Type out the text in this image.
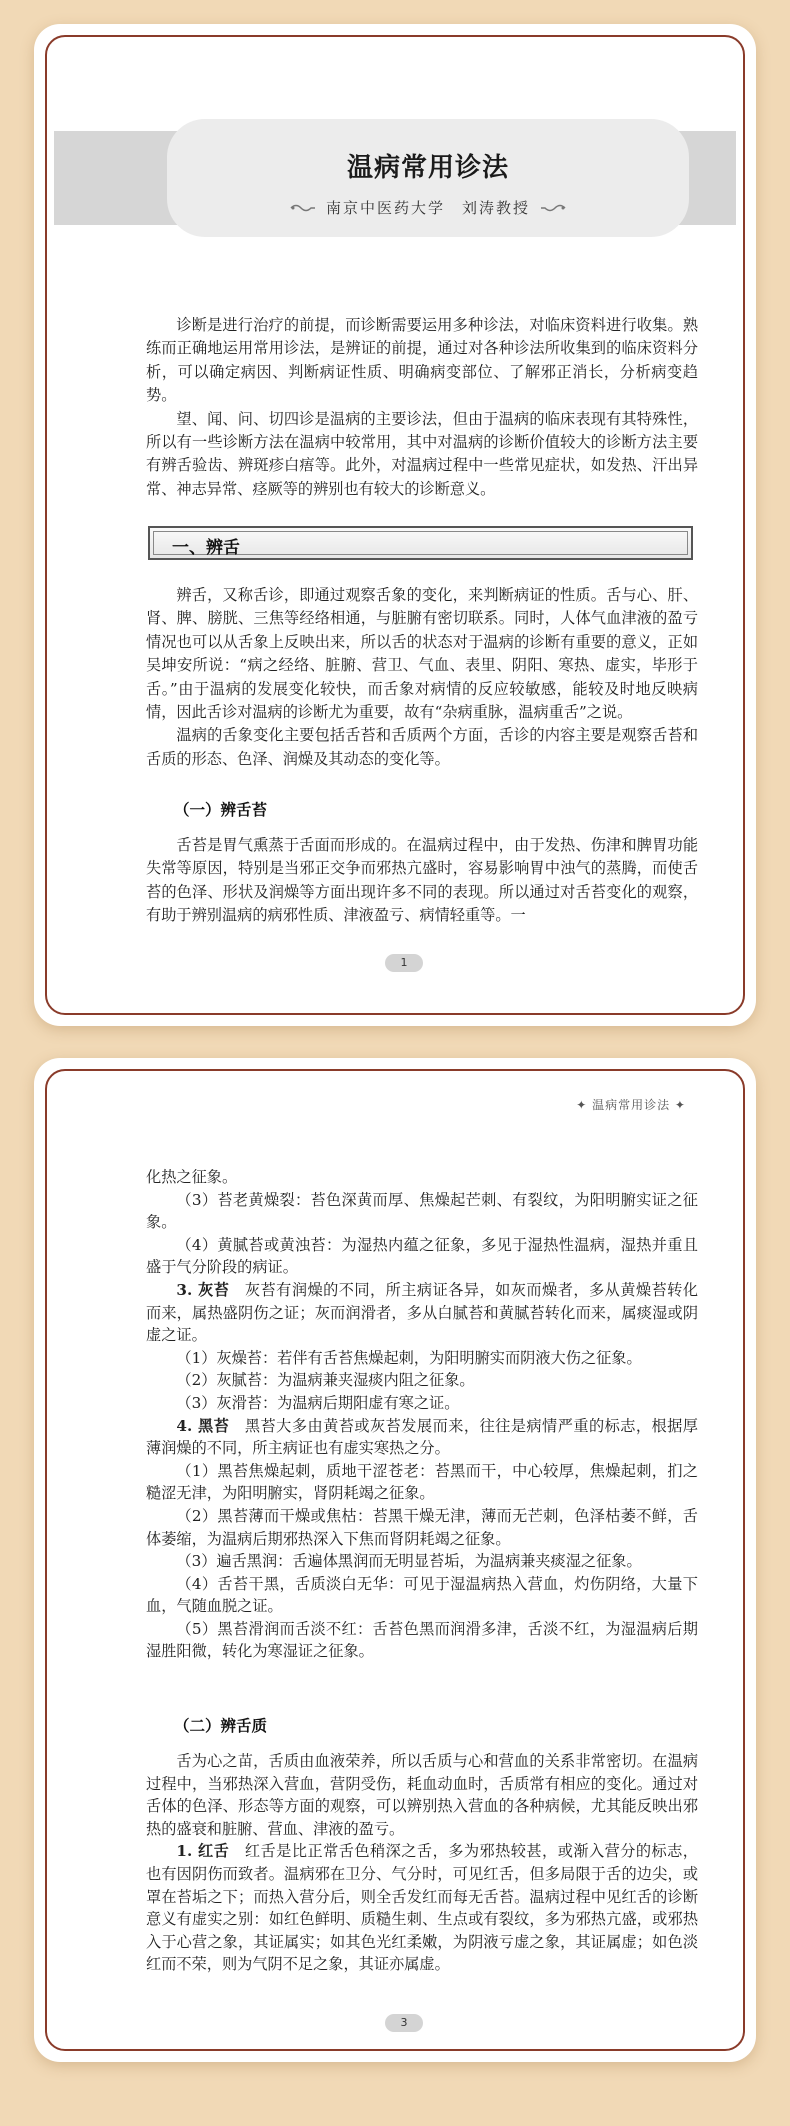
温病常用诊法
南京中医药大学　刘涛教授

诊断是进行治疗的前提，而诊断需要运用多种诊法，对临床资料进行收集。熟练而正确地运用常用诊法，是辨证的前提，通过对各种诊法所收集到的临床资料分析，可以确定病因、判断病证性质、明确病变部位、了解邪正消长，分析病变趋势。

望、闻、问、切四诊是温病的主要诊法，但由于温病的临床表现有其特殊性，所以有一些诊断方法在温病中较常用，其中对温病的诊断价值较大的诊断方法主要有辨舌验齿、辨斑疹白痦等。此外，对温病过程中一些常见症状，如发热、汗出异常、神志异常、痉厥等的辨别也有较大的诊断意义。

一、辨舌

辨舌，又称舌诊，即通过观察舌象的变化，来判断病证的性质。舌与心、肝、肾、脾、膀胱、三焦等经络相通，与脏腑有密切联系。同时，人体气血津液的盈亏情况也可以从舌象上反映出来，所以舌的状态对于温病的诊断有重要的意义，正如吴坤安所说：“病之经络、脏腑、营卫、气血、表里、阴阳、寒热、虚实，毕形于舌。”由于温病的发展变化较快，而舌象对病情的反应较敏感，能较及时地反映病情，因此舌诊对温病的诊断尤为重要，故有“杂病重脉，温病重舌”之说。

温病的舌象变化主要包括舌苔和舌质两个方面，舌诊的内容主要是观察舌苔和舌质的形态、色泽、润燥及其动态的变化等。

（一）辨舌苔

舌苔是胃气熏蒸于舌面而形成的。在温病过程中，由于发热、伤津和脾胃功能失常等原因，特别是当邪正交争而邪热亢盛时，容易影响胃中浊气的蒸腾，而使舌苔的色泽、形状及润燥等方面出现许多不同的表现。所以通过对舌苔变化的观察，有助于辨别温病的病邪性质、津液盈亏、病情轻重等。一

1
✦ 温病常用诊法 ✦

化热之征象。

（3）苔老黄燥裂：苔色深黄而厚、焦燥起芒刺、有裂纹，为阳明腑实证之征象。

（4）黄腻苔或黄浊苔：为湿热内蕴之征象，多见于湿热性温病，湿热并重且盛于气分阶段的病证。

3. 灰苔　灰苔有润燥的不同，所主病证各异，如灰而燥者，多从黄燥苔转化而来，属热盛阴伤之证；灰而润滑者，多从白腻苔和黄腻苔转化而来，属痰湿或阴虚之证。

（1）灰燥苔：若伴有舌苔焦燥起刺，为阳明腑实而阴液大伤之征象。

（2）灰腻苔：为温病兼夹湿痰内阻之征象。

（3）灰滑苔：为温病后期阳虚有寒之证。

4. 黑苔　黑苔大多由黄苔或灰苔发展而来，往往是病情严重的标志，根据厚薄润燥的不同，所主病证也有虚实寒热之分。

（1）黑苔焦燥起刺，质地干涩苍老：苔黑而干，中心较厚，焦燥起刺，扪之糙涩无津，为阳明腑实，肾阴耗竭之征象。

（2）黑苔薄而干燥或焦枯：苔黑干燥无津，薄而无芒刺，色泽枯萎不鲜，舌体萎缩，为温病后期邪热深入下焦而肾阴耗竭之征象。

（3）遍舌黑润：舌遍体黑润而无明显苔垢，为温病兼夹痰湿之征象。

（4）舌苔干黑，舌质淡白无华：可见于湿温病热入营血，灼伤阴络，大量下血，气随血脱之证。

（5）黑苔滑润而舌淡不红：舌苔色黑而润滑多津，舌淡不红，为湿温病后期湿胜阳微，转化为寒湿证之征象。

（二）辨舌质

舌为心之苗，舌质由血液荣养，所以舌质与心和营血的关系非常密切。在温病过程中，当邪热深入营血，营阴受伤，耗血动血时，舌质常有相应的变化。通过对舌体的色泽、形态等方面的观察，可以辨别热入营血的各种病候，尤其能反映出邪热的盛衰和脏腑、营血、津液的盈亏。

1. 红舌　红舌是比正常舌色稍深之舌，多为邪热较甚，或渐入营分的标志，也有因阴伤而致者。温病邪在卫分、气分时，可见红舌，但多局限于舌的边尖，或罩在苔垢之下；而热入营分后，则全舌发红而每无舌苔。温病过程中见红舌的诊断意义有虚实之别：如红色鲜明、质糙生刺、生点或有裂纹，多为邪热亢盛，或邪热入于心营之象，其证属实；如其色光红柔嫩，为阴液亏虚之象，其证属虚；如色淡红而不荣，则为气阴不足之象，其证亦属虚。

3
